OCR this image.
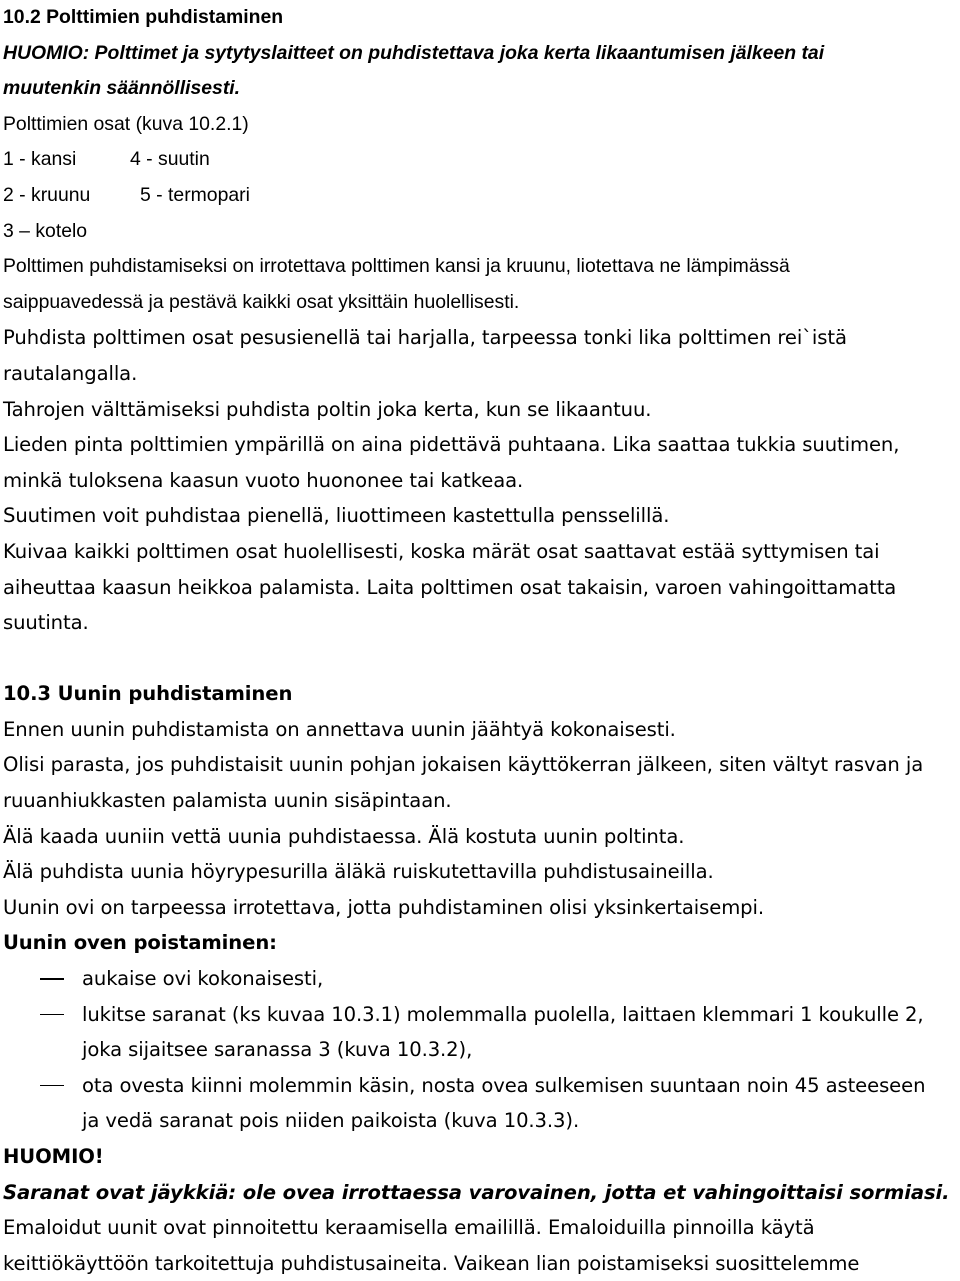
10.2 Polttimien puhdistaminen
HUOMIO: Polttimet ja sytytyslaitteet on puhdistettava joka kerta likaantumisen jälkeen tai
muutenkin säännöllisesti.
Polttimien osat (kuva 10.2.1)
1 - kansi	4 - suutin
2 - kruunu	5 - termopari
3 – kotelo
Polttimen puhdistamiseksi on irrotettava polttimen kansi ja kruunu, liotettava ne lämpimässä
saippuavedessä ja pestävä kaikki osat yksittäin huolellisesti.
Puhdista polttimen osat pesusienellä tai harjalla, tarpeessa tonki lika polttimen rei`istä
rautalangalla.
Tahrojen välttämiseksi puhdista poltin joka kerta, kun se likaantuu.
Lieden pinta polttimien ympärillä on aina pidettävä puhtaana. Lika saattaa tukkia suutimen,
minkä tuloksena kaasun vuoto huononee tai katkeaa.
Suutimen voit puhdistaa pienellä, liuottimeen kastettulla pensselillä.
Kuivaa kaikki polttimen osat huolellisesti, koska märät osat saattavat estää syttymisen tai
aiheuttaa kaasun heikkoa palamista. Laita polttimen osat takaisin, varoen vahingoittamatta
suutinta.
10.3 Uunin puhdistaminen
Ennen uunin puhdistamista on annettava uunin jäähtyä kokonaisesti.
Olisi parasta, jos puhdistaisit uunin pohjan jokaisen käyttökerran jälkeen, siten vältyt rasvan ja
ruuanhiukkasten palamista uunin sisäpintaan.
Älä kaada uuniin vettä uunia puhdistaessa. Älä kostuta uunin poltinta.
Älä puhdista uunia höyrypesurilla äläkä ruiskutettavilla puhdistusaineilla.
Uunin ovi on tarpeessa irrotettava, jotta puhdistaminen olisi yksinkertaisempi.
Uunin oven poistaminen:
aukaise ovi kokonaisesti,
lukitse saranat (ks kuvaa 10.3.1) molemmalla puolella, laittaen klemmari 1 koukulle 2,
joka sijaitsee saranassa 3 (kuva 10.3.2),
ota ovesta kiinni molemmin käsin, nosta ovea sulkemisen suuntaan noin 45 asteeseen
ja vedä saranat pois niiden paikoista (kuva 10.3.3).
HUOMIO!
Saranat ovat jäykkiä: ole ovea irrottaessa varovainen, jotta et vahingoittaisi sormiasi.
Emaloidut uunit ovat pinnoitettu keraamisella emailillä. Emaloiduilla pinnoilla käytä
keittiökäyttöön tarkoitettuja puhdistusaineita. Vaikean lian poistamiseksi suosittelemme
